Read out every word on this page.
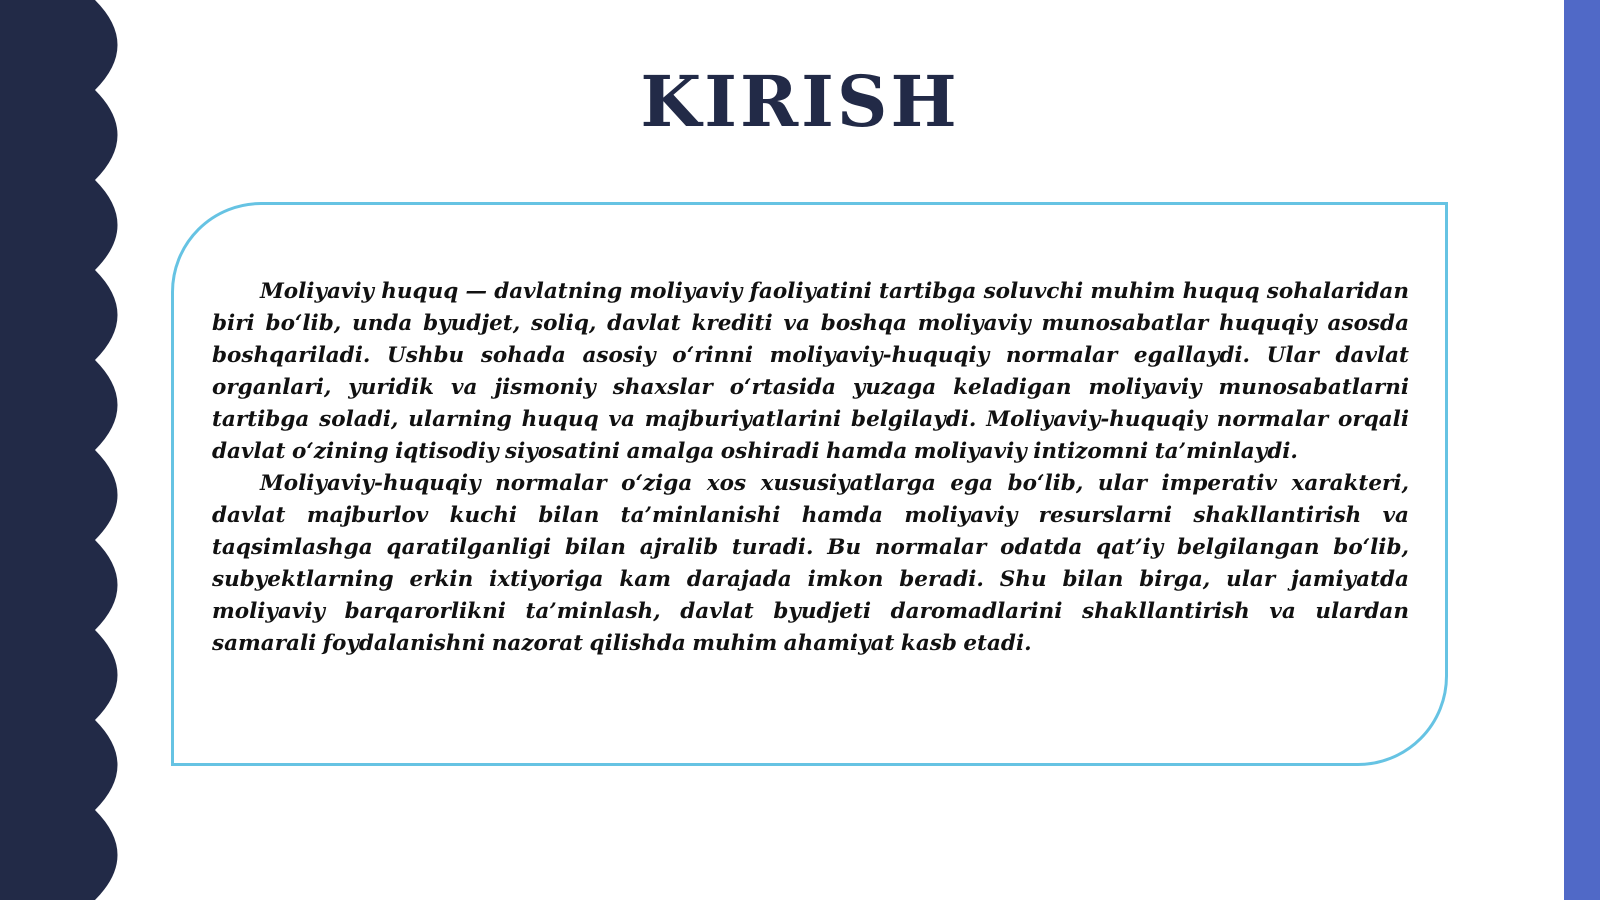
KIRISH

Moliyaviy huquq — davlatning moliyaviy faoliyatini tartibga soluvchi muhim huquq sohalaridan biri bo‘lib, unda byudjet, soliq, davlat krediti va boshqa moliyaviy munosabatlar huquqiy asosda boshqariladi. Ushbu sohada asosiy o‘rinni moliyaviy-huquqiy normalar egallaydi. Ular davlat organlari, yuridik va jismoniy shaxslar o‘rtasida yuzaga keladigan moliyaviy munosabatlarni tartibga soladi, ularning huquq va majburiyatlarini belgilaydi. Moliyaviy-huquqiy normalar orqali davlat o‘zining iqtisodiy siyosatini amalga oshiradi hamda moliyaviy intizomni ta’minlaydi.

Moliyaviy-huquqiy normalar o‘ziga xos xususiyatlarga ega bo‘lib, ular imperativ xarakteri, davlat majburlov kuchi bilan ta’minlanishi hamda moliyaviy resurslarni shakllantirish va taqsimlashga qaratilganligi bilan ajralib turadi. Bu normalar odatda qat’iy belgilangan bo‘lib, subyektlarning erkin ixtiyoriga kam darajada imkon beradi. Shu bilan birga, ular jamiyatda moliyaviy barqarorlikni ta’minlash, davlat byudjeti daromadlarini shakllantirish va ulardan samarali foydalanishni nazorat qilishda muhim ahamiyat kasb etadi.
